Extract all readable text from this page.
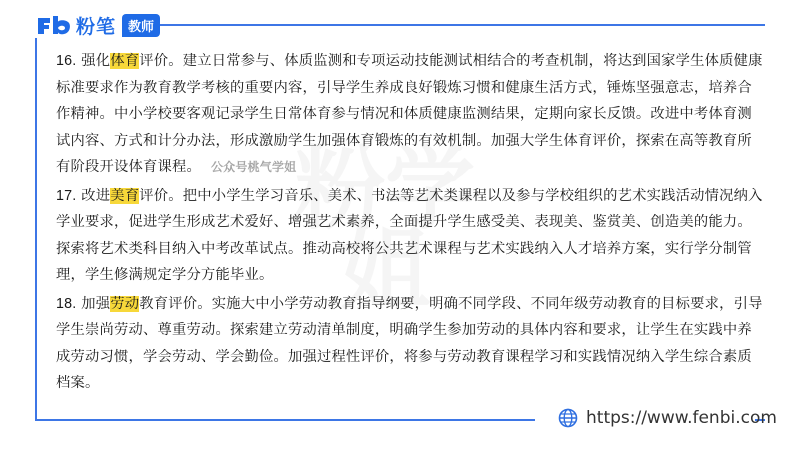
粉笔 教师
粉学姐

16. 强化体育评价。建立日常参与、体质监测和专项运动技能测试相结合的考查机制，将达到国家学生体质健康标准要求作为教育教学考核的重要内容，引导学生养成良好锻炼习惯和健康生活方式，锤炼坚强意志，培养合作精神。中小学校要客观记录学生日常体育参与情况和体质健康监测结果，定期向家长反馈。改进中考体育测试内容、方式和计分办法，形成激励学生加强体育锻炼的有效机制。加强大学生体育评价，探索在高等教育所有阶段开设体育课程。 公众号桃气学姐

17. 改进美育评价。把中小学生学习音乐、美术、书法等艺术类课程以及参与学校组织的艺术实践活动情况纳入学业要求，促进学生形成艺术爱好、增强艺术素养，全面提升学生感受美、表现美、鉴赏美、创造美的能力。探索将艺术类科目纳入中考改革试点。推动高校将公共艺术课程与艺术实践纳入人才培养方案，实行学分制管理，学生修满规定学分方能毕业。

18. 加强劳动教育评价。实施大中小学劳动教育指导纲要，明确不同学段、不同年级劳动教育的目标要求，引导学生崇尚劳动、尊重劳动。探索建立劳动清单制度，明确学生参加劳动的具体内容和要求，让学生在实践中养成劳动习惯，学会劳动、学会勤俭。加强过程性评价，将参与劳动教育课程学习和实践情况纳入学生综合素质档案。

https://www.fenbi.com
